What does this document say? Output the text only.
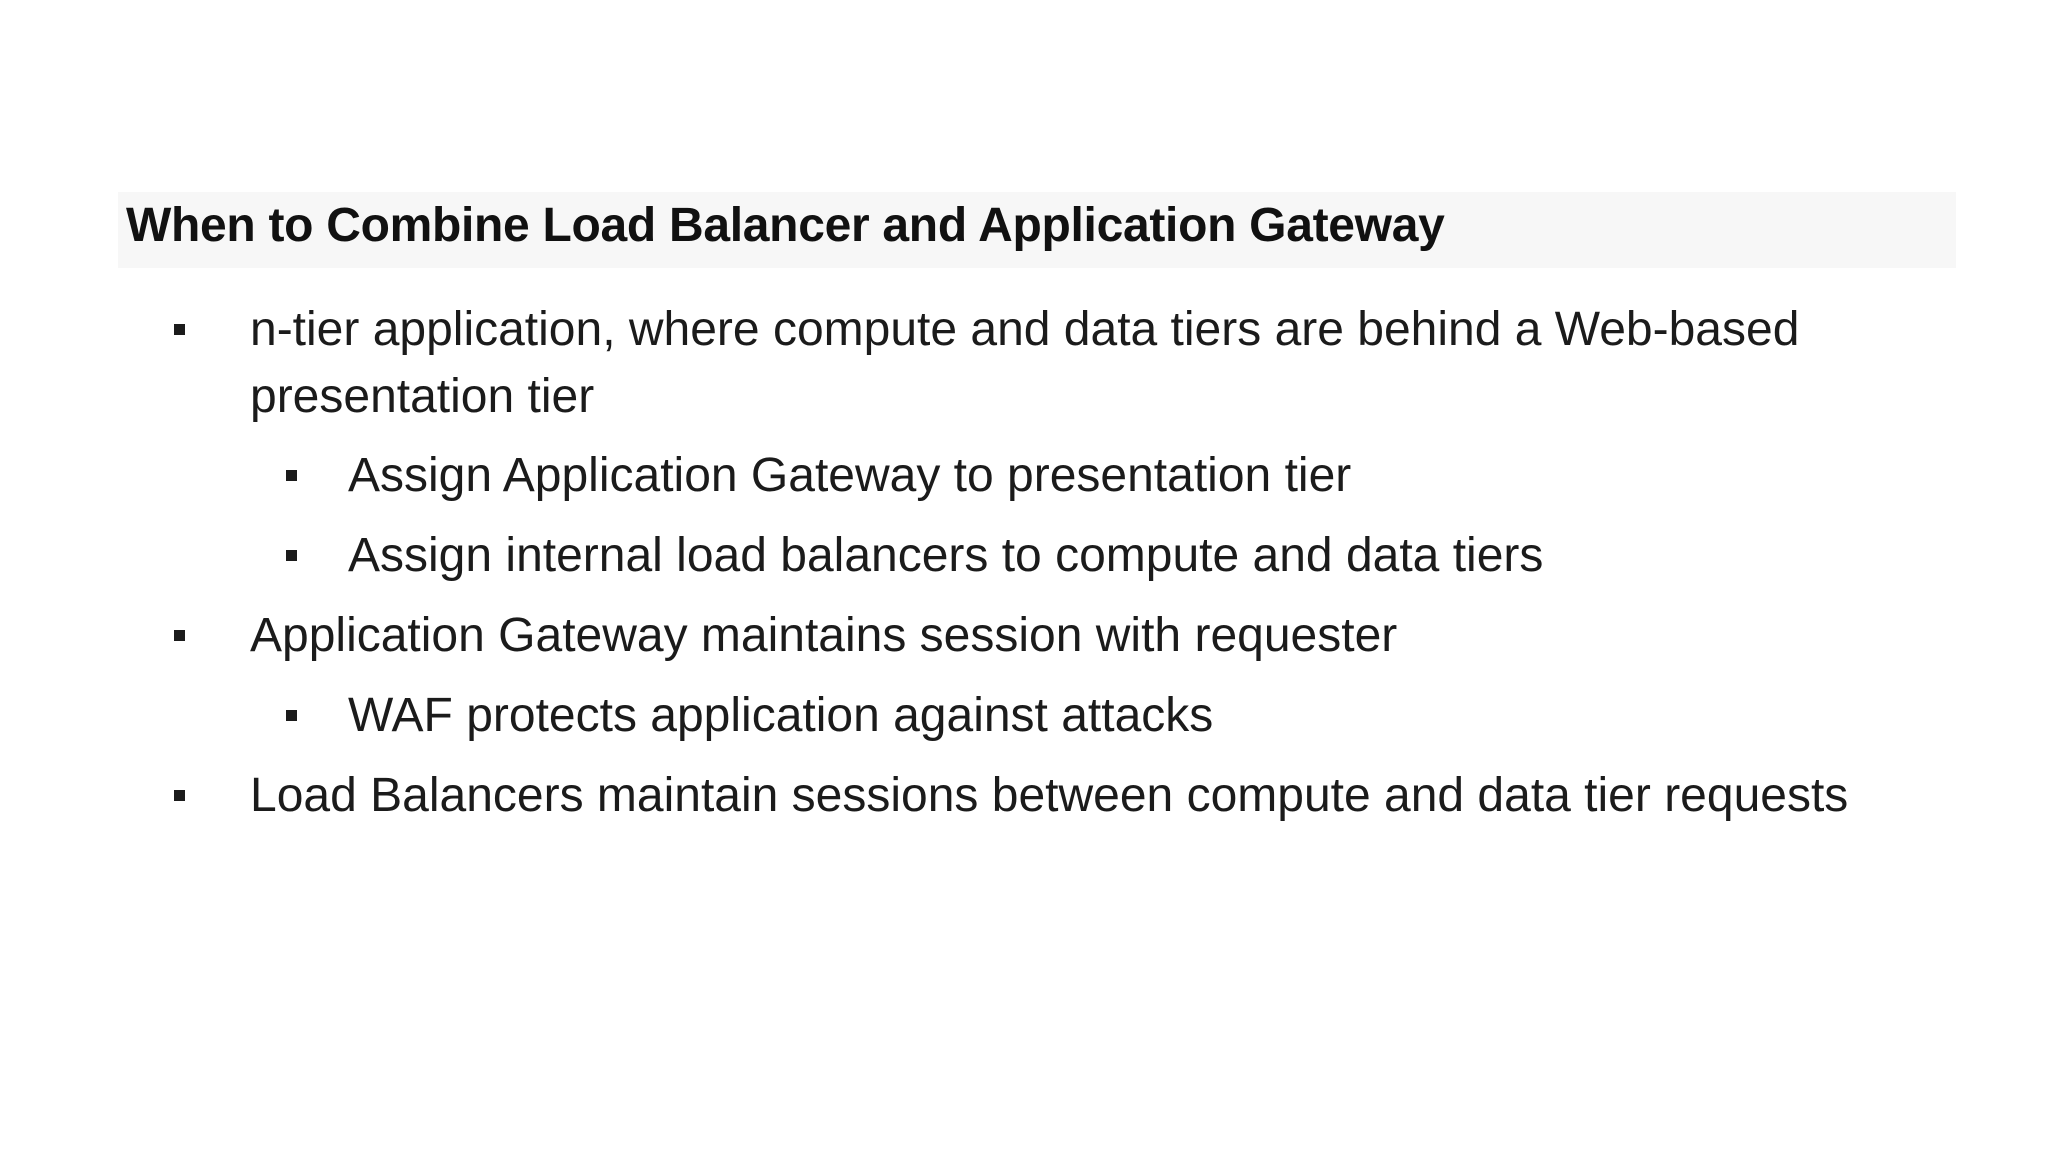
When to Combine Load Balancer and Application Gateway
n-tier application, where compute and data tiers are behind a Web-based
presentation tier
Assign Application Gateway to presentation tier
Assign internal load balancers to compute and data tiers
Application Gateway maintains session with requester
WAF protects application against attacks
Load Balancers maintain sessions between compute and data tier requests
